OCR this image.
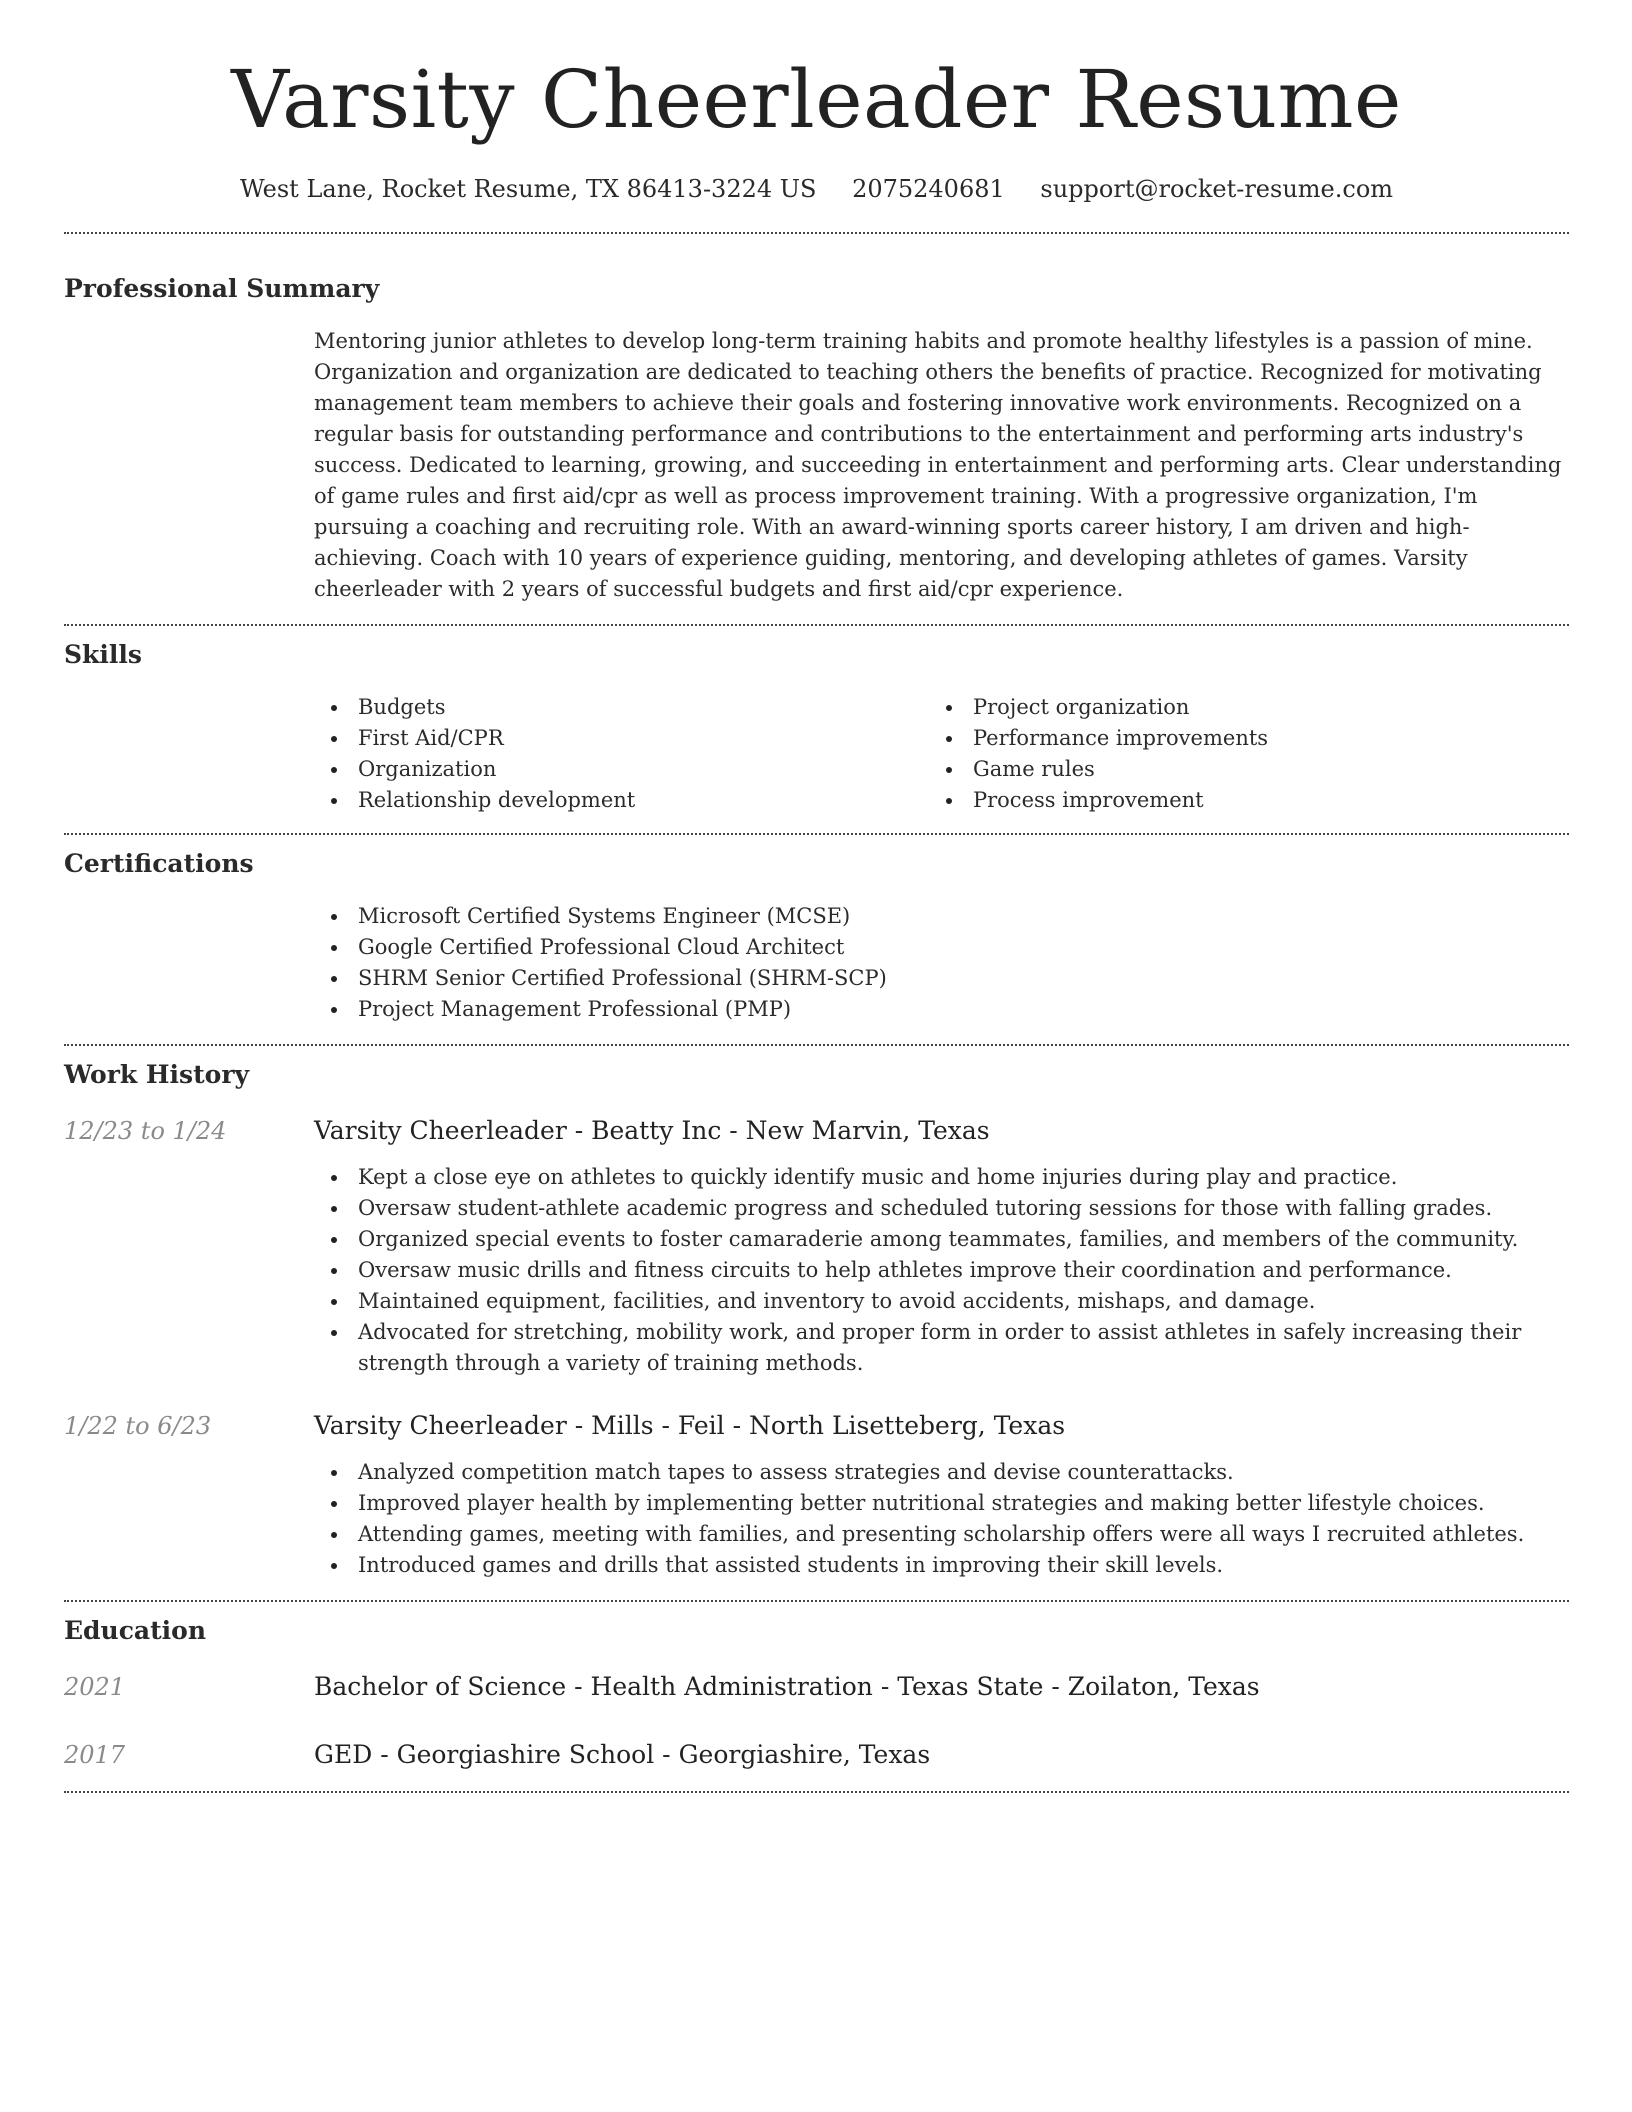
Varsity Cheerleader Resume
West Lane, Rocket Resume, TX 86413-3224 US 2075240681 support@rocket-resume.com
Professional Summary

Mentoring junior athletes to develop long-term training habits and promote healthy lifestyles is a passion of mine. Organization and organization are dedicated to teaching others the benefits of practice. Recognized for motivating management team members to achieve their goals and fostering innovative work environments. Recognized on a regular basis for outstanding performance and contributions to the entertainment and performing arts industry's success. Dedicated to learning, growing, and succeeding in entertainment and performing arts. Clear understanding of game rules and first aid/cpr as well as process improvement training. With a progressive organization, I'm pursuing a coaching and recruiting role. With an award-winning sports career history, I am driven and high-achieving. Coach with 10 years of experience guiding, mentoring, and developing athletes of games. Varsity cheerleader with 2 years of successful budgets and first aid/cpr experience.

Skills
Budgets
First Aid/CPR
Organization
Relationship development
Project organization
Performance improvements
Game rules
Process improvement
Certifications
Microsoft Certified Systems Engineer (MCSE)
Google Certified Professional Cloud Architect
SHRM Senior Certified Professional (SHRM-SCP)
Project Management Professional (PMP)
Work History
12/23 to 1/24	Varsity Cheerleader - Beatty Inc - New Marvin, Texas
Kept a close eye on athletes to quickly identify music and home injuries during play and practice.
Oversaw student-athlete academic progress and scheduled tutoring sessions for those with falling grades.
Organized special events to foster camaraderie among teammates, families, and members of the community.
Oversaw music drills and fitness circuits to help athletes improve their coordination and performance.
Maintained equipment, facilities, and inventory to avoid accidents, mishaps, and damage.
Advocated for stretching, mobility work, and proper form in order to assist athletes in safely increasing their strength through a variety of training methods.
1/22 to 6/23	Varsity Cheerleader - Mills - Feil - North Lisetteberg, Texas
Analyzed competition match tapes to assess strategies and devise counterattacks.
Improved player health by implementing better nutritional strategies and making better lifestyle choices.
Attending games, meeting with families, and presenting scholarship offers were all ways I recruited athletes.
Introduced games and drills that assisted students in improving their skill levels.
Education
2021	Bachelor of Science - Health Administration - Texas State - Zoilaton, Texas
2017	GED - Georgiashire School - Georgiashire, Texas
